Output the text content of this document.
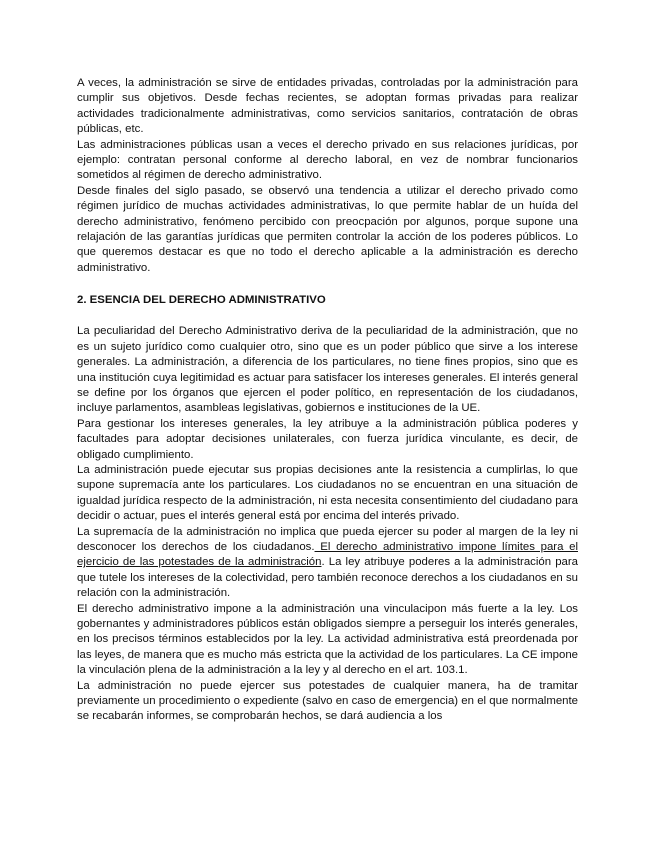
A veces, la administración se sirve de entidades privadas, controladas por la administración para cumplir sus objetivos. Desde fechas recientes, se adoptan formas privadas para realizar actividades tradicionalmente administrativas, como servicios sanitarios, contratación de obras públicas, etc.

Las administraciones públicas usan a veces el derecho privado en sus relaciones jurídicas, por ejemplo: contratan personal conforme al derecho laboral, en vez de nombrar funcionarios sometidos al régimen de derecho administrativo.

Desde finales del siglo pasado, se observó una tendencia a utilizar el derecho privado como régimen jurídico de muchas actividades administrativas, lo que permite hablar de un huída del derecho administrativo, fenómeno percibido con preocpación por algunos, porque supone una relajación de las garantías jurídicas que permiten controlar la acción de los poderes públicos. Lo que queremos destacar es que no todo el derecho aplicable a la administración es derecho administrativo.

2. ESENCIA DEL DERECHO ADMINISTRATIVO

La peculiaridad del Derecho Administrativo deriva de la peculiaridad de la administración, que no es un sujeto jurídico como cualquier otro, sino que es un poder público que sirve a los interese generales. La administración, a diferencia de los particulares, no tiene fines propios, sino que es una institución cuya legitimidad es actuar para satisfacer los intereses generales. El interés general se define por los órganos que ejercen el poder político, en representación de los ciudadanos, incluye parlamentos, asambleas legislativas, gobiernos e instituciones de la UE.

Para gestionar los intereses generales, la ley atribuye a la administración pública poderes y facultades para adoptar decisiones unilaterales, con fuerza jurídica vinculante, es decir, de obligado cumplimiento.

La administración puede ejecutar sus propias decisiones ante la resistencia a cumplirlas, lo que supone supremacía ante los particulares. Los ciudadanos no se encuentran en una situación de igualdad jurídica respecto de la administración, ni esta necesita consentimiento del ciudadano para decidir o actuar, pues el interés general está por encima del interés privado.

La supremacía de la administración no implica que pueda ejercer su poder al margen de la ley ni desconocer los derechos de los ciudadanos. El derecho administrativo impone límites para el ejercicio de las potestades de la administración. La ley atribuye poderes a la administración para que tutele los intereses de la colectividad, pero también reconoce derechos a los ciudadanos en su relación con la administración.

El derecho administrativo impone a la administración una vinculacipon más fuerte a la ley. Los gobernantes y administradores públicos están obligados siempre a perseguir los interés generales, en los precisos términos establecidos por la ley. La actividad administrativa está preordenada por las leyes, de manera que es mucho más estricta que la actividad de los particulares. La CE impone la vinculación plena de la administración a la ley y al derecho en el art. 103.1.

La administración no puede ejercer sus potestades de cualquier manera, ha de tramitar previamente un procedimiento o expediente (salvo en caso de emergencia) en el que normalmente se recabarán informes, se comprobarán hechos, se dará audiencia a los
